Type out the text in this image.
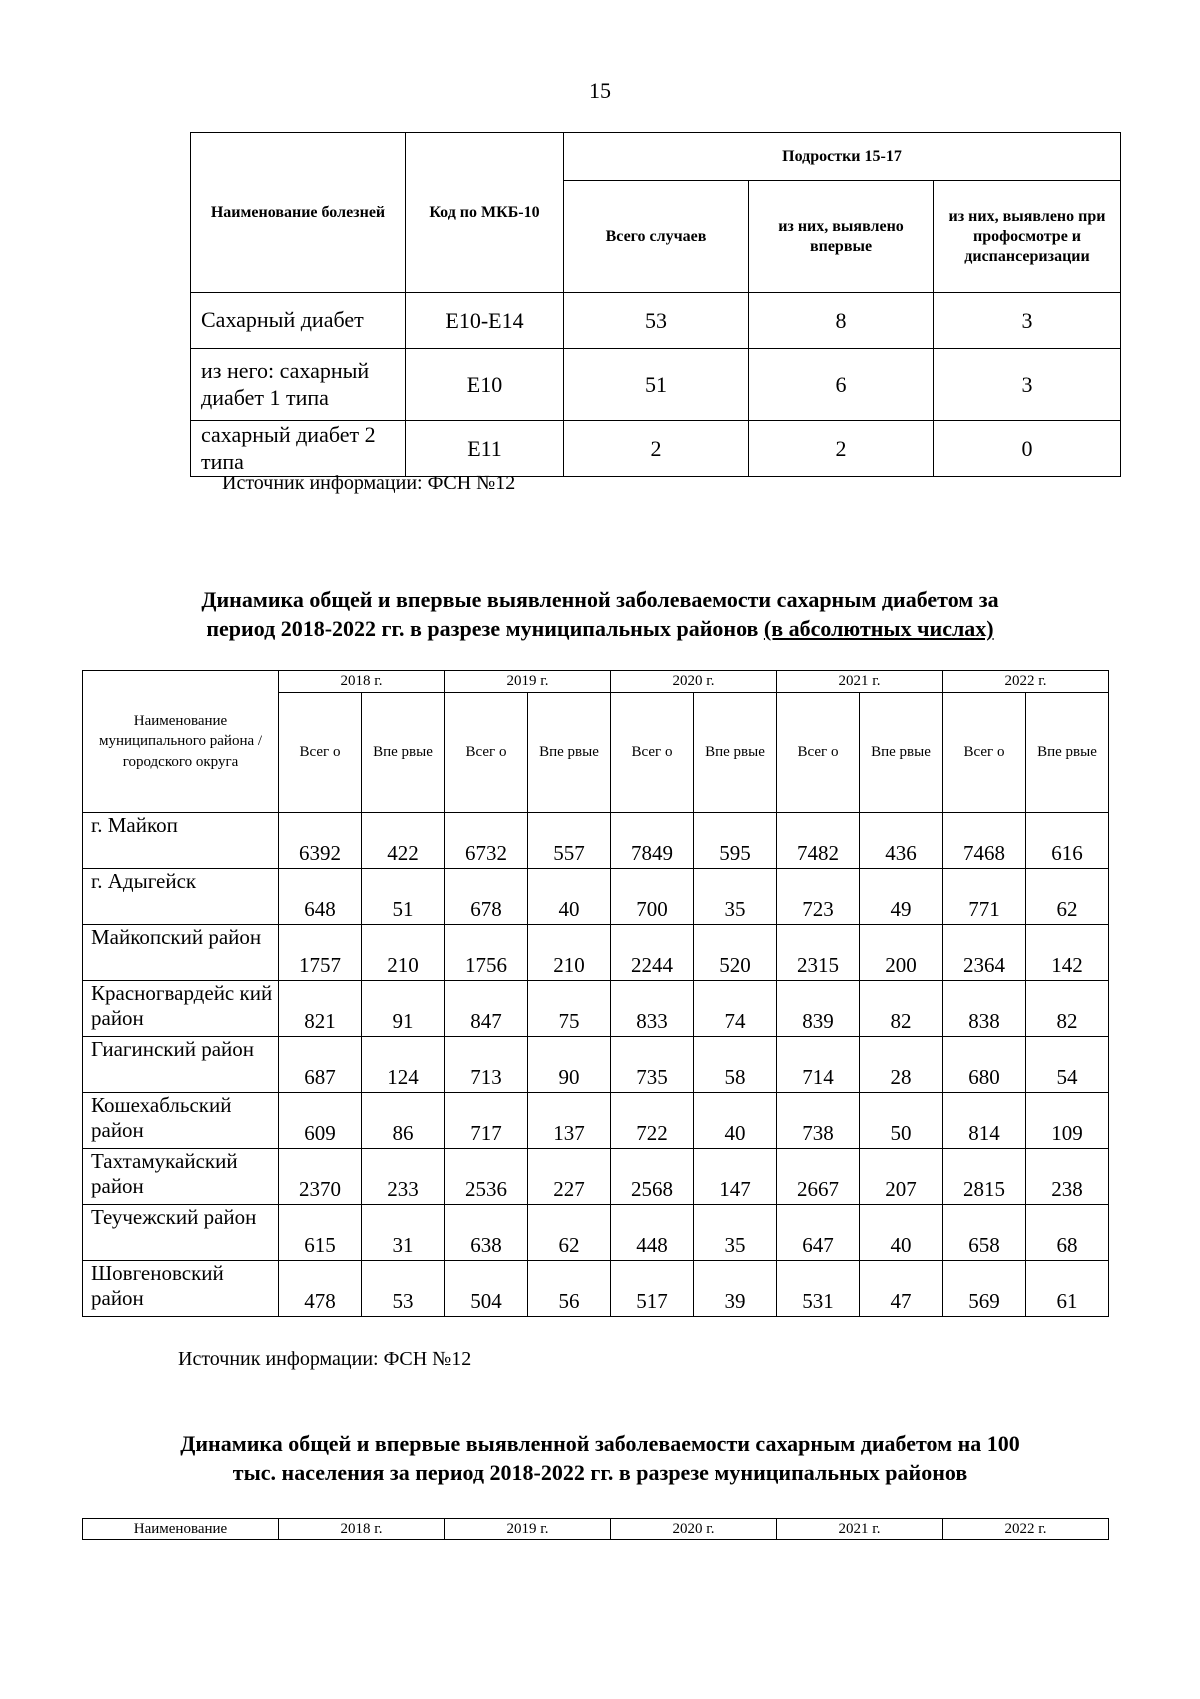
15
Наименование болезней	Код по МКБ-10	Подростки 15-17		
		Всего случаев	из них, выявлено впервые	из них, выявлено при профосмотре и диспансеризации
Сахарный диабет	Е10-Е14	53	8	3
из него: сахарный диабет 1 типа	Е10	51	6	3
сахарный диабет 2 типа	Е11	2	2	0
Источник информации: ФСН №12
Динамика общей и впервые выявленной заболеваемости сахарным диабетом за
период 2018-2022 гг. в разрезе муниципальных районов (в абсолютных числах)
Наименование муниципального района / городского округа	2018 г.		2019 г.		2020 г.		2021 г.		2022 г.	
	Всег о	Впе рвые	Всег о	Впе рвые	Всег о	Впе рвые	Всег о	Впе рвые	Всег о	Впе рвые
г. Майкоп	6392	422	6732	557	7849	595	7482	436	7468	616
г. Адыгейск	648	51	678	40	700	35	723	49	771	62
Майкопский район	1757	210	1756	210	2244	520	2315	200	2364	142
Красногвардейс кий район	821	91	847	75	833	74	839	82	838	82
Гиагинский район	687	124	713	90	735	58	714	28	680	54
Кошехабльский район	609	86	717	137	722	40	738	50	814	109
Тахтамукайский район	2370	233	2536	227	2568	147	2667	207	2815	238
Теучежский район	615	31	638	62	448	35	647	40	658	68
Шовгеновский район	478	53	504	56	517	39	531	47	569	61
Источник информации: ФСН №12
Динамика общей и впервые выявленной заболеваемости сахарным диабетом на 100
тыс. населения за период 2018-2022 гг. в разрезе муниципальных районов
Наименование	2018 г.	2019 г.	2020 г.	2021 г.	2022 г.
